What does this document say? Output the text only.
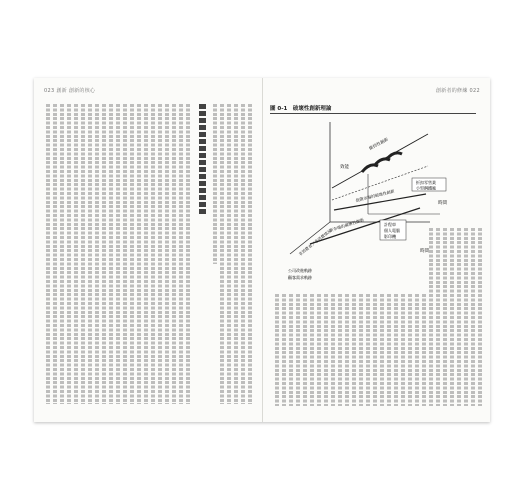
023 創新 創新的核心	創新者的修練 022
圖 0-1　破壞性創新理論
效能
時間
時間
維持性創新
低階市場的破壞性創新
新市場的破壞性創新
非消費者／非消費情況
公司改進軌跡
顧客需求軌跡
折扣零售業
小型鋼鐵廠
計程車
個人電腦
影印機
